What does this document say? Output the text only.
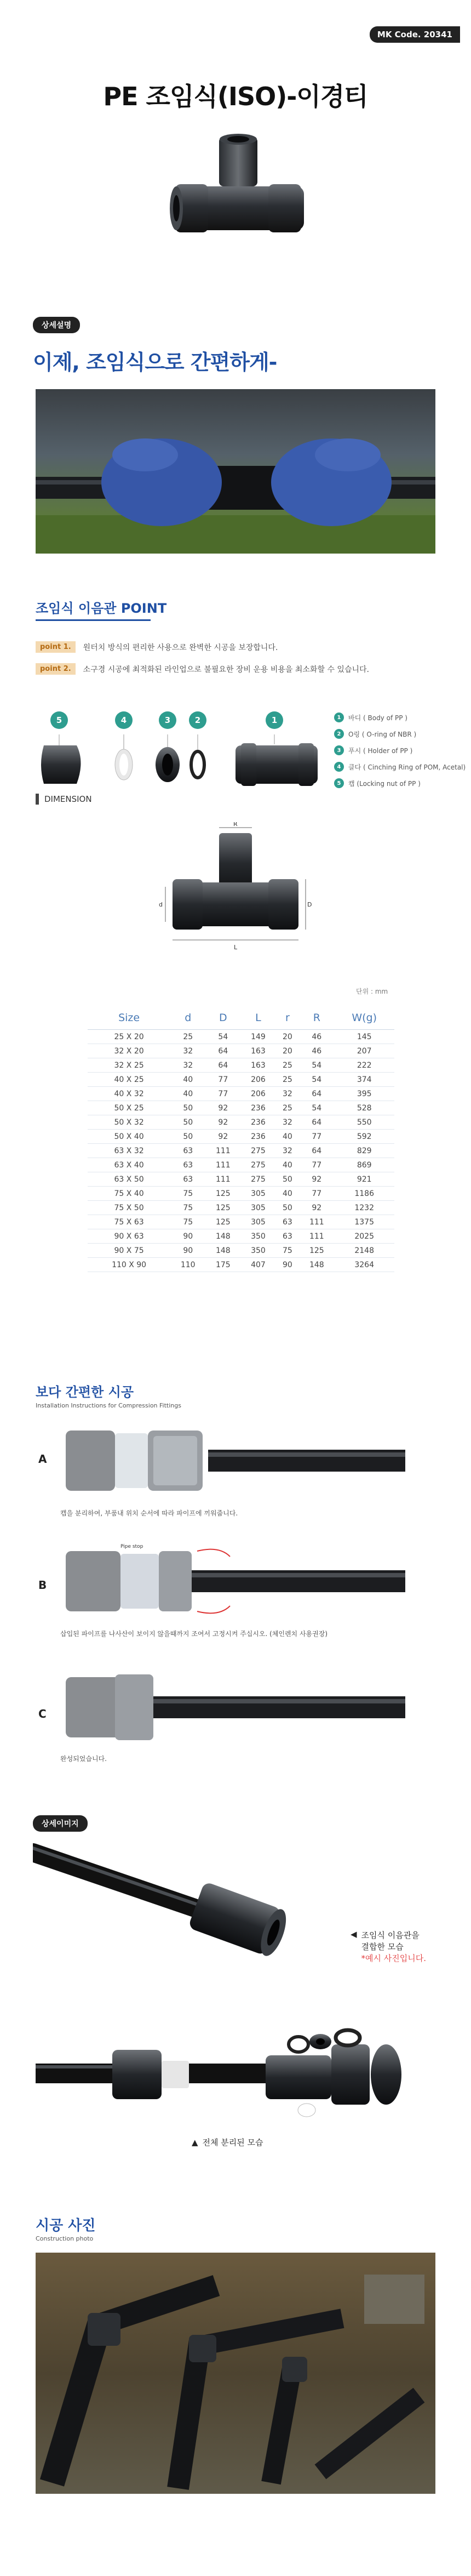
MK Code. 20341
PE 조임식(ISO)-이경티
상세설명
이제, 조임식으로 간편하게-
조임식 이음관 POINT
point 1.	원터치 방식의 편리한 사용으로 완벽한 시공을 보장합니다.
point 2.	소구경 시공에 최적화된 라인업으로 불필요한 장비 운용 비용을 최소화할 수 있습니다.
5	4	3	2	1	1	바디 ( Body of PP )
2	O링 ( O-ring of NBR )
3	푸시 ( Holder of PP )
4	클다 ( Cinching Ring of POM, Acetal)
5	캡 (Locking nut of PP )
DIMENSION
R
d	D
L
단위 : mm
Size	d	D	L	r	R	W(g)
25 X 20	25	54	149	20	46	145
32 X 20	32	64	163	20	46	207
32 X 25	32	64	163	25	54	222
40 X 25	40	77	206	25	54	374
40 X 32	40	77	206	32	64	395
50 X 25	50	92	236	25	54	528
50 X 32	50	92	236	32	64	550
50 X 40	50	92	236	40	77	592
63 X 32	63	111	275	32	64	829
63 X 40	63	111	275	40	77	869
63 X 50	63	111	275	50	92	921
75 X 40	75	125	305	40	77	1186
75 X 50	75	125	305	50	92	1232
75 X 63	75	125	305	63	111	1375
90 X 63	90	148	350	63	111	2025
90 X 75	90	148	350	75	125	2148
110 X 90	110	175	407	90	148	3264
보다 간편한 시공
Installation Instructions for Compression Fittings
A
캡을 분리하여, 부품내 위치 순서에 따라 파이프에 끼워줍니다.
B
Pipe stop
삽입된 파이프를 나사산이 보이지 않을때까지 조여서 고정시켜 주십시오. (체인렌치 사용권장)
C
완성되었습니다.
상세이미지
◀ 조임식 이음관을
결합한 모습
*예시 사진입니다.
▲ 전체 분리된 모습
시공 사진
Construction photo
